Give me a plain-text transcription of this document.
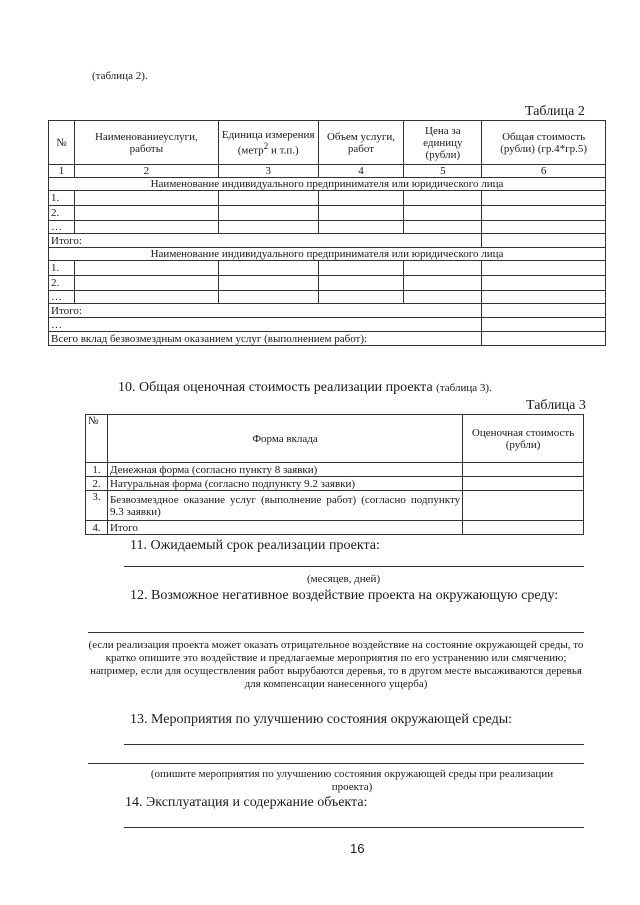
(таблица 2).
Таблица 2
№	Наименованиеуслуги, работы	Единица измерения (метр$^2$ и т.п.)	Объем услуги, работ	Цена за единицу (рубли)	Общая стоимость (рубли) (гр.4*гр.5)
1	2	3	4	5	6
Наименование индивидуального предпринимателя или юридического лица					
1.					
2.					
…					
Итого:					
Наименование индивидуального предпринимателя или юридического лица					
1.					
2.					
…					
Итого:					
…					
Всего вклад безвозмездным оказанием услуг (выполнением работ):					
10. Общая оценочная стоимость реализации проекта (таблица 3).
Таблица 3
№	Форма вклада	Оценочная стоимость (рубли)
1.	Денежная форма (согласно пункту 8 заявки)	
2.	Натуральная форма (согласно подпункту 9.2 заявки)	
3.	Безвозмездное оказание услуг (выполнение работ) (согласно подпункту 9.3 заявки)	
4.	Итого	
11. Ожидаемый срок реализации проекта:
(месяцев, дней)
12. Возможное негативное воздействие проекта на окружающую среду:
(если реализация проекта может оказать отрицательное воздействие на состояние окружающей среды, то кратко опишите это воздействие и предлагаемые мероприятия по его устранению или смягчению; например, если для осуществления работ вырубаются деревья, то в другом месте высаживаются деревья для компенсации нанесенного ущерба)
13. Мероприятия по улучшению состояния окружающей среды:
(опишите мероприятия по улучшению состояния окружающей среды при реализации проекта)
14. Эксплуатация и содержание объекта:
16
